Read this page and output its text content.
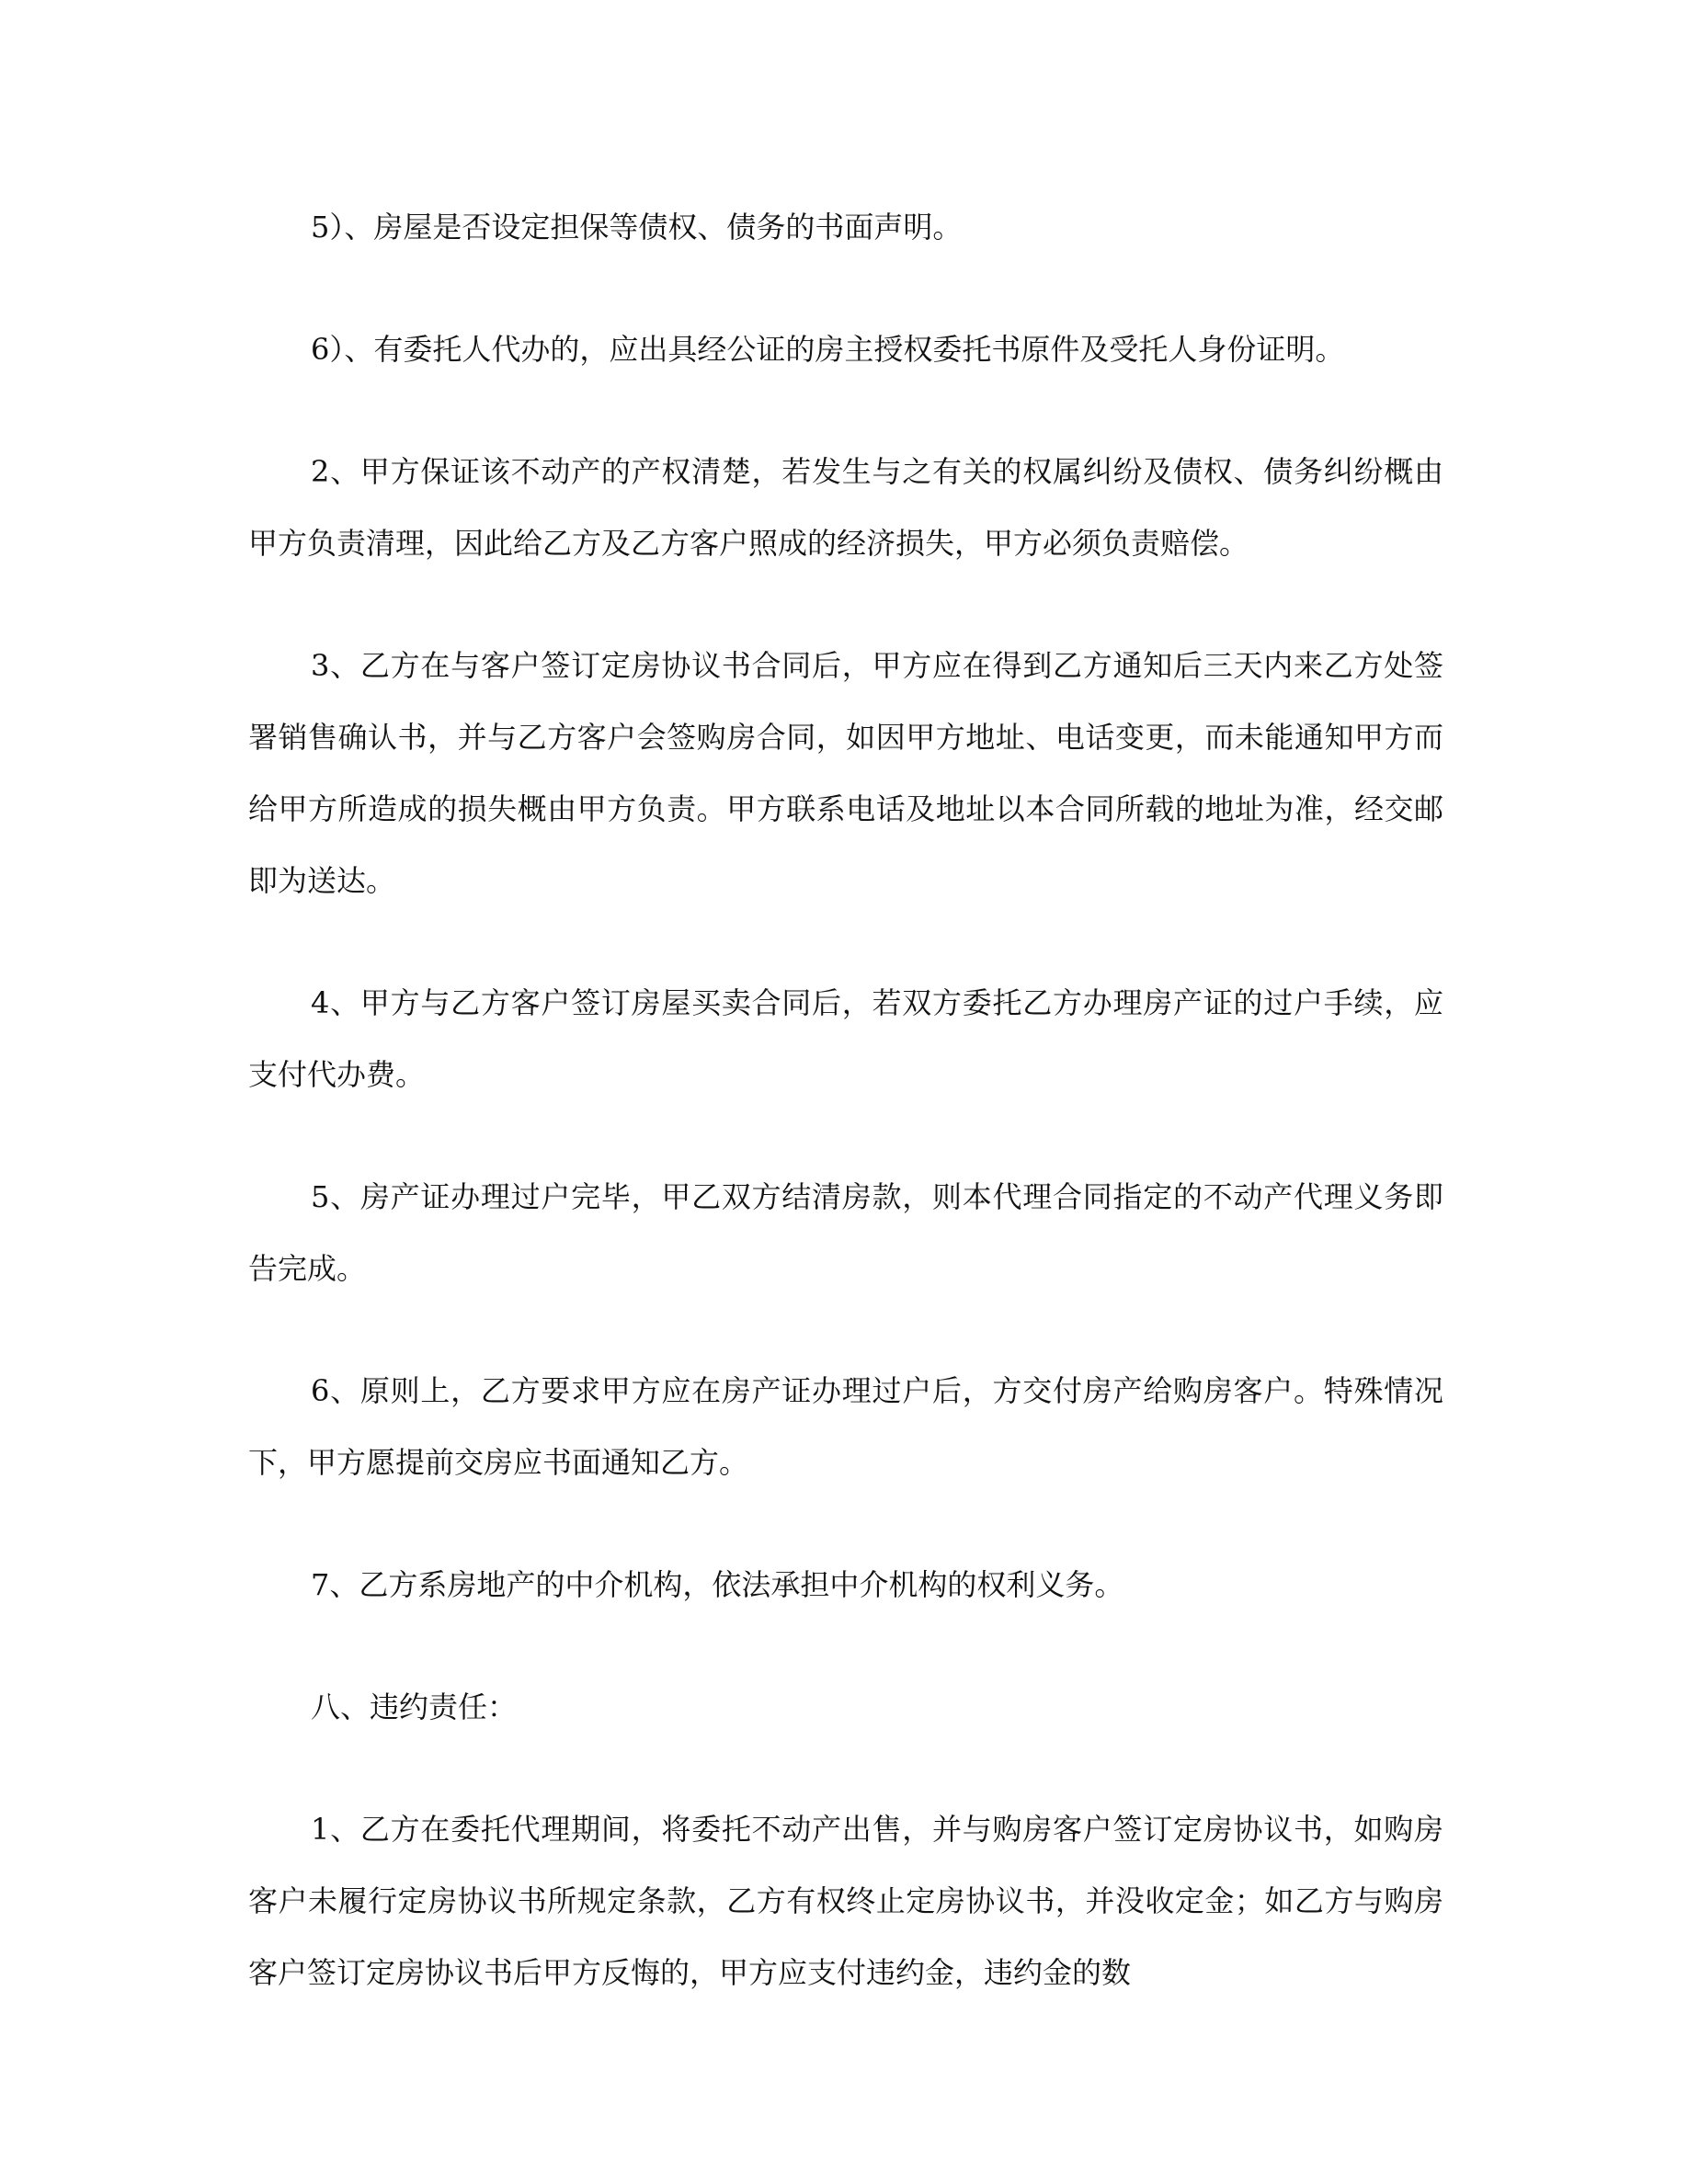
5）、房屋是否设定担保等债权、债务的书面声明。

6）、有委托人代办的，应出具经公证的房主授权委托书原件及受托人身份证明。

2、甲方保证该不动产的产权清楚，若发生与之有关的权属纠纷及债权、债务纠纷概由甲方负责清理，因此给乙方及乙方客户照成的经济损失，甲方必须负责赔偿。

3、乙方在与客户签订定房协议书合同后，甲方应在得到乙方通知后三天内来乙方处签署销售确认书，并与乙方客户会签购房合同，如因甲方地址、电话变更，而未能通知甲方而给甲方所造成的损失概由甲方负责。甲方联系电话及地址以本合同所载的地址为准，经交邮即为送达。

4、甲方与乙方客户签订房屋买卖合同后，若双方委托乙方办理房产证的过户手续，应支付代办费。

5、房产证办理过户完毕，甲乙双方结清房款，则本代理合同指定的不动产代理义务即告完成。

6、原则上，乙方要求甲方应在房产证办理过户后，方交付房产给购房客户。特殊情况下，甲方愿提前交房应书面通知乙方。

7、乙方系房地产的中介机构，依法承担中介机构的权利义务。

八、违约责任：

1、乙方在委托代理期间，将委托不动产出售，并与购房客户签订定房协议书，如购房客户未履行定房协议书所规定条款，乙方有权终止定房协议书，并没收定金；如乙方与购房客户签订定房协议书后甲方反悔的，甲方应支付违约金，违约金的数
